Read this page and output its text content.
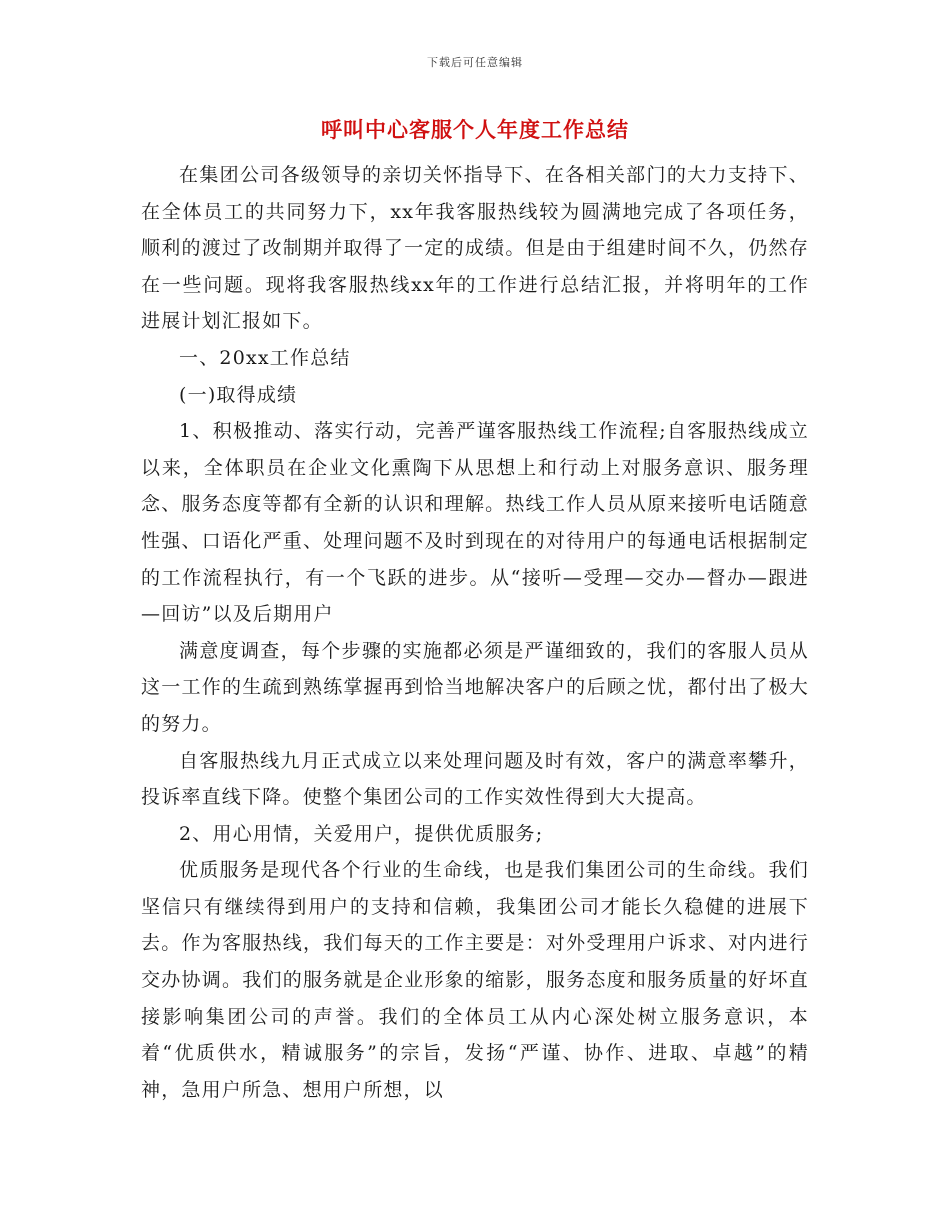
下载后可任意编辑
呼叫中心客服个人年度工作总结

在集团公司各级领导的亲切关怀指导下、在各相关部门的大力支持下、在全体员工的共同努力下，xx年我客服热线较为圆满地完成了各项任务，顺利的渡过了改制期并取得了一定的成绩。但是由于组建时间不久，仍然存在一些问题。现将我客服热线xx年的工作进行总结汇报，并将明年的工作进展计划汇报如下。

一、20xx工作总结

(一)取得成绩

1、积极推动、落实行动，完善严谨客服热线工作流程;自客服热线成立以来，全体职员在企业文化熏陶下从思想上和行动上对服务意识、服务理念、服务态度等都有全新的认识和理解。热线工作人员从原来接听电话随意性强、口语化严重、处理问题不及时到现在的对待用户的每通电话根据制定的工作流程执行，有一个飞跃的进步。从“接听—受理—交办—督办—跟进—回访”以及后期用户

满意度调查，每个步骤的实施都必须是严谨细致的，我们的客服人员从这一工作的生疏到熟练掌握再到恰当地解决客户的后顾之忧，都付出了极大的努力。

自客服热线九月正式成立以来处理问题及时有效，客户的满意率攀升，投诉率直线下降。使整个集团公司的工作实效性得到大大提高。

2、用心用情，关爱用户，提供优质服务;

优质服务是现代各个行业的生命线，也是我们集团公司的生命线。我们坚信只有继续得到用户的支持和信赖，我集团公司才能长久稳健的进展下去。作为客服热线，我们每天的工作主要是：对外受理用户诉求、对内进行交办协调。我们的服务就是企业形象的缩影，服务态度和服务质量的好坏直接影响集团公司的声誉。我们的全体员工从内心深处树立服务意识，本着“优质供水，精诚服务”的宗旨，发扬“严谨、协作、进取、卓越”的精神，急用户所急、想用户所想，以
